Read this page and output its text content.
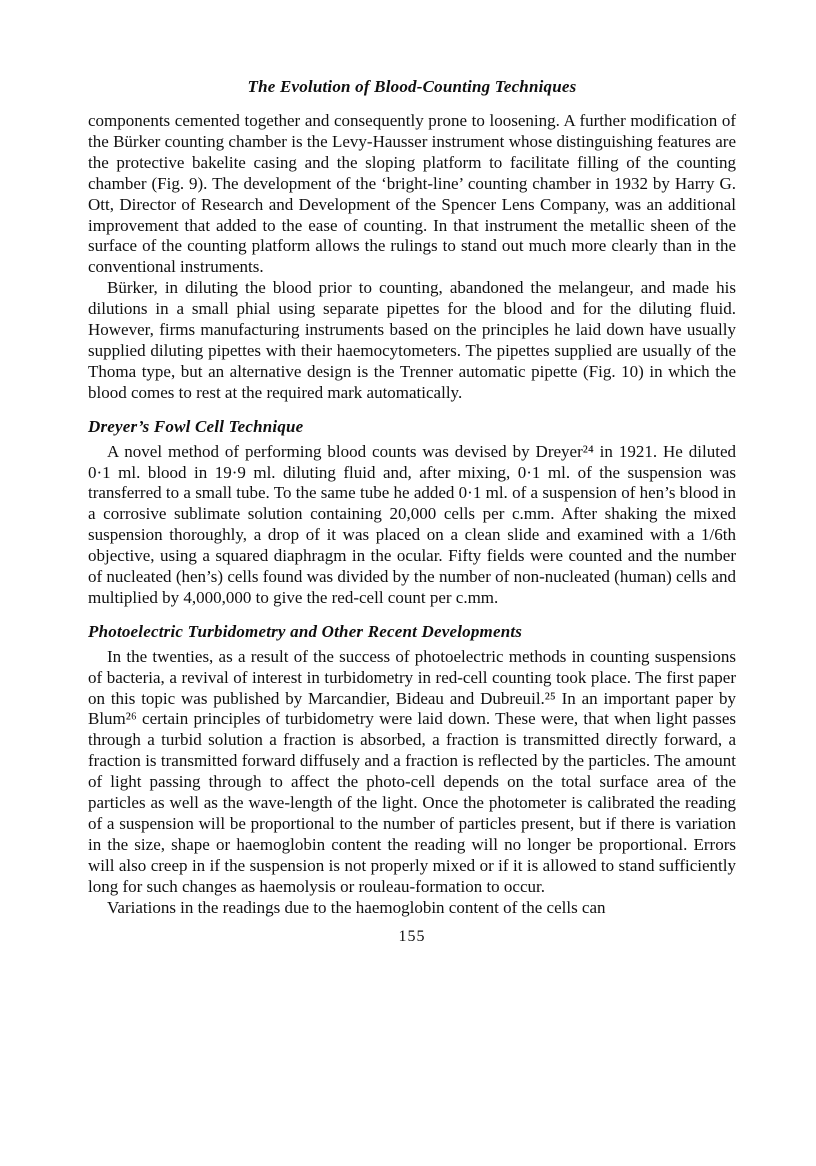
The Evolution of Blood-Counting Techniques

components cemented together and consequently prone to loosening. A further modification of the Bürker counting chamber is the Levy-Hausser instrument whose distinguishing features are the protective bakelite casing and the sloping platform to facilitate filling of the counting chamber (Fig. 9). The development of the ‘bright-line’ counting chamber in 1932 by Harry G. Ott, Director of Research and Development of the Spencer Lens Company, was an additional improvement that added to the ease of counting. In that instrument the metallic sheen of the surface of the counting platform allows the rulings to stand out much more clearly than in the conventional instruments.

Bürker, in diluting the blood prior to counting, abandoned the melangeur, and made his dilutions in a small phial using separate pipettes for the blood and for the diluting fluid. However, firms manufacturing instruments based on the principles he laid down have usually supplied diluting pipettes with their haemocytometers. The pipettes supplied are usually of the Thoma type, but an alternative design is the Trenner automatic pipette (Fig. 10) in which the blood comes to rest at the required mark automatically.

Dreyer’s Fowl Cell Technique

A novel method of performing blood counts was devised by Dreyer²⁴ in 1921. He diluted 0·1 ml. blood in 19·9 ml. diluting fluid and, after mixing, 0·1 ml. of the suspension was transferred to a small tube. To the same tube he added 0·1 ml. of a suspension of hen’s blood in a corrosive sublimate solution containing 20,000 cells per c.mm. After shaking the mixed suspension thoroughly, a drop of it was placed on a clean slide and examined with a 1/6th objective, using a squared diaphragm in the ocular. Fifty fields were counted and the number of nucleated (hen’s) cells found was divided by the number of non-nucleated (human) cells and multiplied by 4,000,000 to give the red-cell count per c.mm.

Photoelectric Turbidometry and Other Recent Developments

In the twenties, as a result of the success of photoelectric methods in counting suspensions of bacteria, a revival of interest in turbidometry in red-cell counting took place. The first paper on this topic was published by Marcandier, Bideau and Dubreuil.²⁵ In an important paper by Blum²⁶ certain principles of turbidometry were laid down. These were, that when light passes through a turbid solution a fraction is absorbed, a fraction is transmitted directly forward, a fraction is transmitted forward diffusely and a fraction is reflected by the particles. The amount of light passing through to affect the photo-cell depends on the total surface area of the particles as well as the wave-length of the light. Once the photometer is calibrated the reading of a suspension will be proportional to the number of particles present, but if there is variation in the size, shape or haemoglobin content the reading will no longer be proportional. Errors will also creep in if the suspension is not properly mixed or if it is allowed to stand sufficiently long for such changes as haemolysis or rouleau-formation to occur.

Variations in the readings due to the haemoglobin content of the cells can

155
